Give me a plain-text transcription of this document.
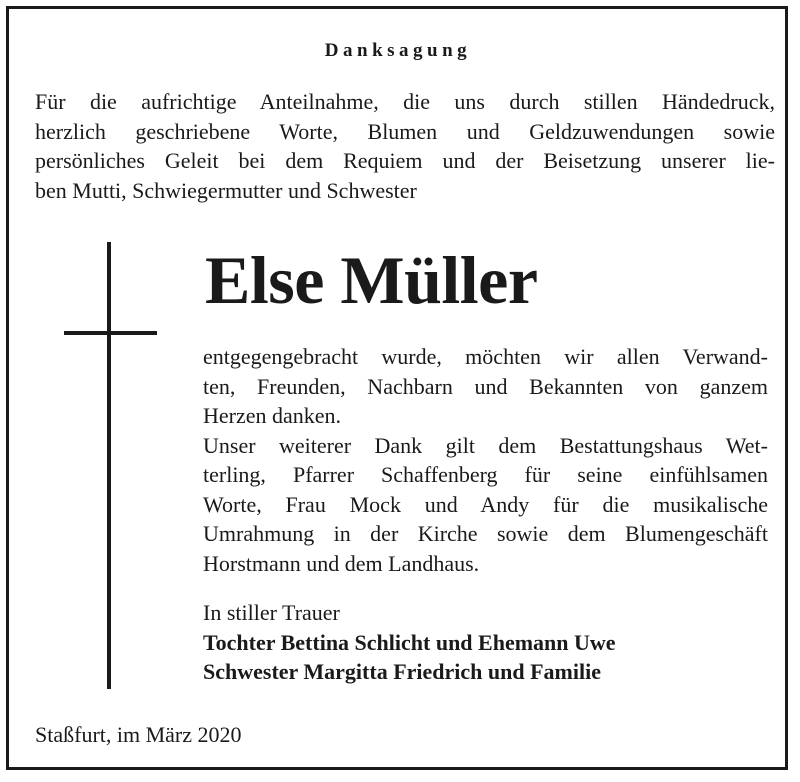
Danksagung
Für die aufrichtige Anteilnahme, die uns durch stillen Händedruck,
herzlich geschriebene Worte, Blumen und Geldzuwendungen sowie
persönliches Geleit bei dem Requiem und der Beisetzung unserer lie-
ben Mutti, Schwiegermutter und Schwester
Else Müller
entgegengebracht wurde, möchten wir allen Verwand-
ten, Freunden, Nachbarn und Bekannten von ganzem
Herzen danken.
Unser weiterer Dank gilt dem Bestattungshaus Wet-
terling, Pfarrer Schaffenberg für seine einfühlsamen
Worte, Frau Mock und Andy für die musikalische
Umrahmung in der Kirche sowie dem Blumengeschäft
Horstmann und dem Landhaus.
In stiller Trauer
Tochter Bettina Schlicht und Ehemann Uwe
Schwester Margitta Friedrich und Familie
Staßfurt, im März 2020
